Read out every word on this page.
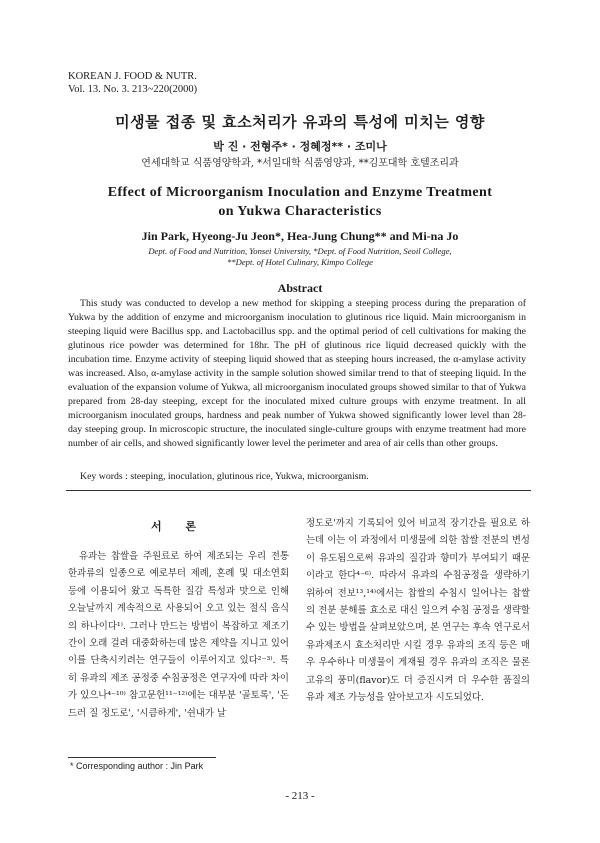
KOREAN J. FOOD & NUTR.
Vol. 13. No. 3. 213~220(2000)
미생물 접종 및 효소처리가 유과의 특성에 미치는 영향
박 진 · 전형주* · 정혜정** · 조미나
연세대학교 식품영양학과, *서일대학 식품영양과, **김포대학 호텔조리과
Effect of Microorganism Inoculation and Enzyme Treatment
on Yukwa Characteristics
Jin Park, Hyeong-Ju Jeon*, Hea-Jung Chung** and Mi-na Jo
Dept. of Food and Nutrition, Yonsei University, *Dept. of Food Nutrition, Seoil College,
**Dept. of Hotel Culinary, Kimpo College
Abstract

This study was conducted to develop a new method for skipping a steeping process during the preparation of Yukwa by the addition of enzyme and microorganism inoculation to glutinous rice liquid. Main microorganism in steeping liquid were Bacillus spp. and Lactobacillus spp. and the optimal period of cell cultivations for making the glutinous rice powder was determined for 18hr. The pH of glutinous rice liquid decreased quickly with the incubation time. Enzyme activity of steeping liquid showed that as steeping hours increased, the α-amylase activity was increased. Also, α-amylase activity in the sample solution showed similar trend to that of steeping liquid. In the evaluation of the expansion volume of Yukwa, all microorganism inoculated groups showed similar to that of Yukwa prepared from 28-day steeping, except for the inoculated mixed culture groups with enzyme treatment. In all microorganism inoculated groups, hardness and peak number of Yukwa showed significantly lower level than 28-day steeping group. In microscopic structure, the inoculated single-culture groups with enzyme treatment had more number of air cells, and showed significantly lower level the perimeter and area of air cells than other groups.

Key words : steeping, inoculation, glutinous rice, Yukwa, microorganism.
서 론

유과는 찹쌀을 주원료로 하여 제조되는 우리 전통 한과류의 일종으로 예로부터 제례, 혼례 및 대소연회 등에 이용되어 왔고 독특한 질감 특성과 맛으로 인해 오늘날까지 계속적으로 사용되어 오고 있는 절식 음식의 하나이다¹⁾. 그러나 만드는 방법이 복잡하고 제조기간이 오래 걸려 대중화하는데 많은 제약을 지니고 있어 이를 단축시키려는 연구들이 이루어지고 있다²⁻³⁾. 특히 유과의 제조 공정중 수침공정은 연구자에 따라 차이가 있으나⁴⁻¹⁰⁾ 참고문헌¹¹⁻¹²⁾에는 대부분 '골토록', '돈드러 질 정도로', '시큼하게', '쉰내가 날

정도로'까지 기록되어 있어 비교적 장기간을 필요로 하는데 이는 이 과정에서 미생물에 의한 찹쌀 전분의 변성이 유도됨으로써 유과의 질감과 향미가 부여되기 때문이라고 한다⁴⁻⁶⁾. 따라서 유과의 수침공정을 생략하기 위하여 전보¹³,¹⁴⁾에서는 찹쌀의 수침시 일어나는 찹쌀의 전분 분해를 효소로 대신 일으켜 수침 공정을 생략할 수 있는 방법을 살펴보았으며, 본 연구는 후속 연구로서 유과제조시 효소처리만 시킬 경우 유과의 조직 등은 매우 우수하나 미생물이 게재될 경우 유과의 조직은 물론 고유의 풍미(flavor)도 더 증진시켜 더 우수한 품질의 유과 제조 가능성을 알아보고자 시도되었다.

* Corresponding author : Jin Park
- 213 -
